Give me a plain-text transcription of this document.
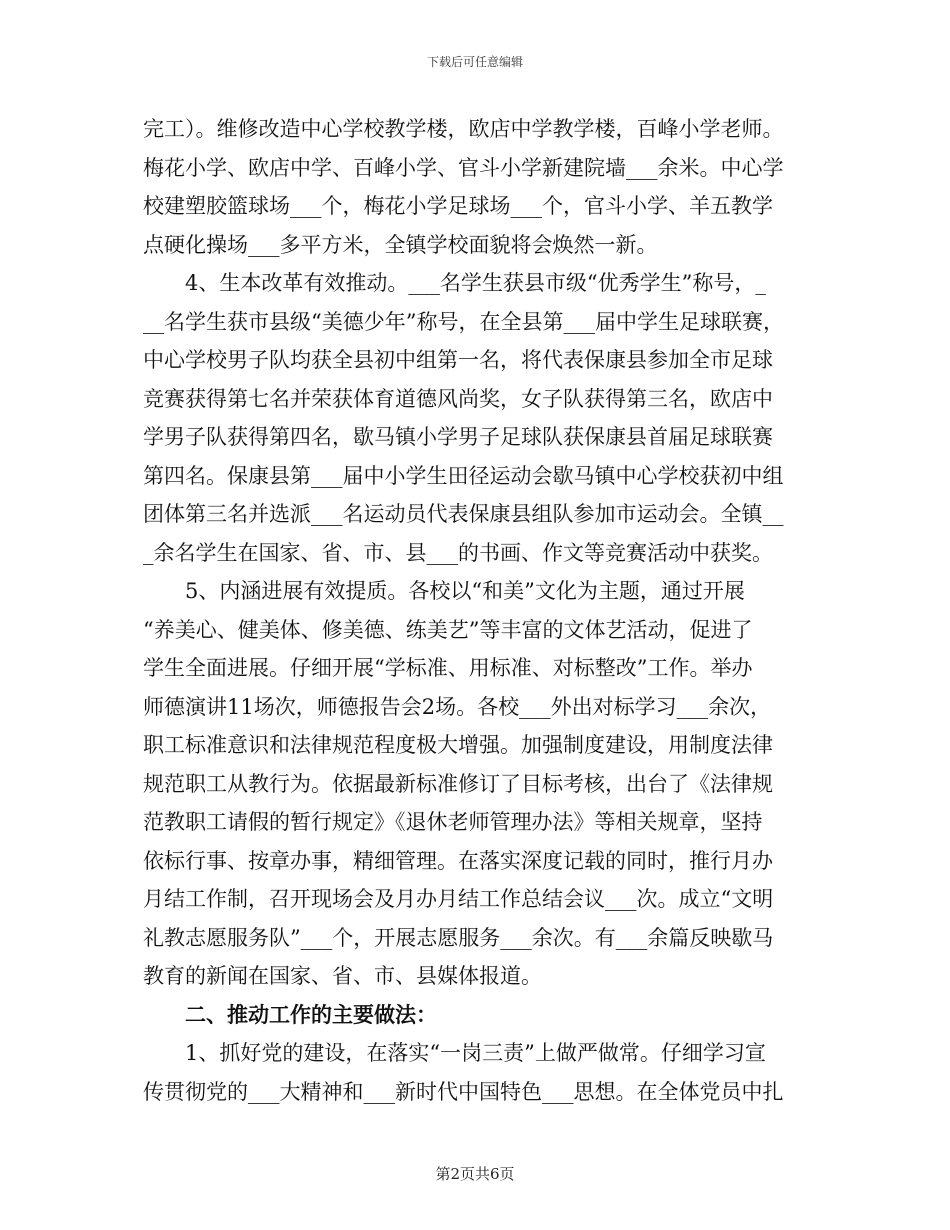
下载后可任意编辑
完工）。维修改造中心学校教学楼，欧店中学教学楼，百峰小学老师。
梅花小学、欧店中学、百峰小学、官斗小学新建院墙___余米。中心学
校建塑胶篮球场___个，梅花小学足球场___个，官斗小学、羊五教学
点硬化操场___多平方米，全镇学校面貌将会焕然一新。
4、生本改革有效推动。___名学生获县市级“优秀学生”称号，_
__名学生获市县级“美德少年”称号，在全县第___届中学生足球联赛，
中心学校男子队均获全县初中组第一名，将代表保康县参加全市足球
竞赛获得第七名并荣获体育道德风尚奖，女子队获得第三名，欧店中
学男子队获得第四名，歇马镇小学男子足球队获保康县首届足球联赛
第四名。保康县第___届中小学生田径运动会歇马镇中心学校获初中组
团体第三名并选派___名运动员代表保康县组队参加市运动会。全镇__
_余名学生在国家、省、市、县___的书画、作文等竞赛活动中获奖。
5、内涵进展有效提质。各校以“和美”文化为主题，通过开展
“养美心、健美体、修美德、练美艺”等丰富的文体艺活动，促进了
学生全面进展。仔细开展“学标准、用标准、对标整改”工作。举办
师德演讲11场次，师德报告会2场。各校___外出对标学习___余次，
职工标准意识和法律规范程度极大增强。加强制度建设，用制度法律
规范职工从教行为。依据最新标准修订了目标考核，出台了《法律规
范教职工请假的暂行规定》《退休老师管理办法》等相关规章，坚持
依标行事、按章办事，精细管理。在落实深度记载的同时，推行月办
月结工作制，召开现场会及月办月结工作总结会议___次。成立“文明
礼教志愿服务队”___个，开展志愿服务___余次。有___余篇反映歇马
教育的新闻在国家、省、市、县媒体报道。
二、推动工作的主要做法：
1、抓好党的建设，在落实“一岗三责”上做严做常。仔细学习宣
传贯彻党的___大精神和___新时代中国特色___思想。在全体党员中扎
第2页共6页
